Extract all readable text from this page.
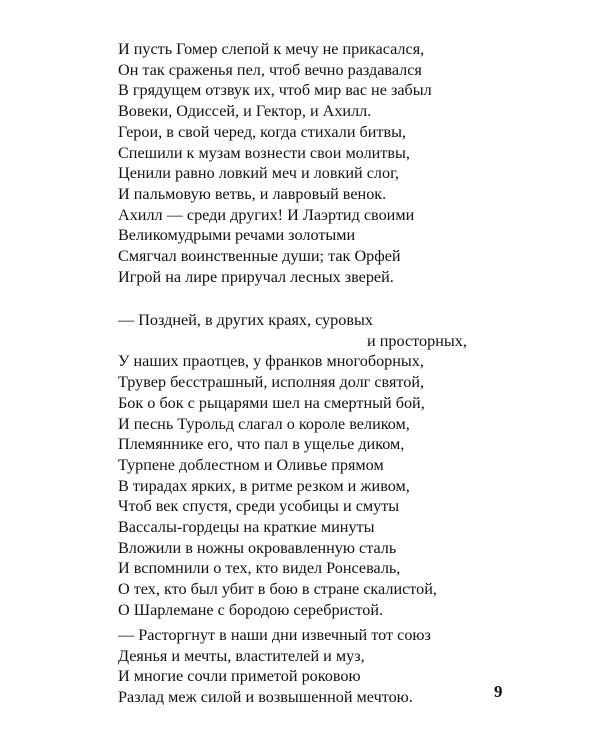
И пусть Гомер слепой к мечу не прикасался,
Он так сраженья пел, чтоб вечно раздавался
В грядущем отзвук их, чтоб мир вас не забыл
Вовеки, Одиссей, и Гектор, и Ахилл.
Герои, в свой черед, когда стихали битвы,
Спешили к музам вознести свои молитвы,
Ценили равно ловкий меч и ловкий слог,
И пальмовую ветвь, и лавровый венок.
Ахилл — среди других! И Лаэртид своими
Великомудрыми речами золотыми
Смягчал воинственные души; так Орфей
Игрой на лире приручал лесных зверей.
— Поздней, в других краях, суровых
и просторных,
У наших праотцев, у франков многоборных,
Трувер бесстрашный, исполняя долг святой,
Бок о бок с рыцарями шел на смертный бой,
И песнь Турольд слагал о короле великом,
Племяннике его, что пал в ущелье диком,
Турпене доблестном и Оливье прямом
В тирадах ярких, в ритме резком и живом,
Чтоб век спустя, среди усобицы и смуты
Вассалы-гордецы на краткие минуты
Вложили в ножны окровавленную сталь
И вспомнили о тех, кто видел Ронсеваль,
О тех, кто был убит в бою в стране скалистой,
О Шарлемане с бородою серебристой.
— Расторгнут в наши дни извечный тот союз
Деянья и мечты, властителей и муз,
И многие сочли приметой роковою
Разлад меж силой и возвышенной мечтою.	9
